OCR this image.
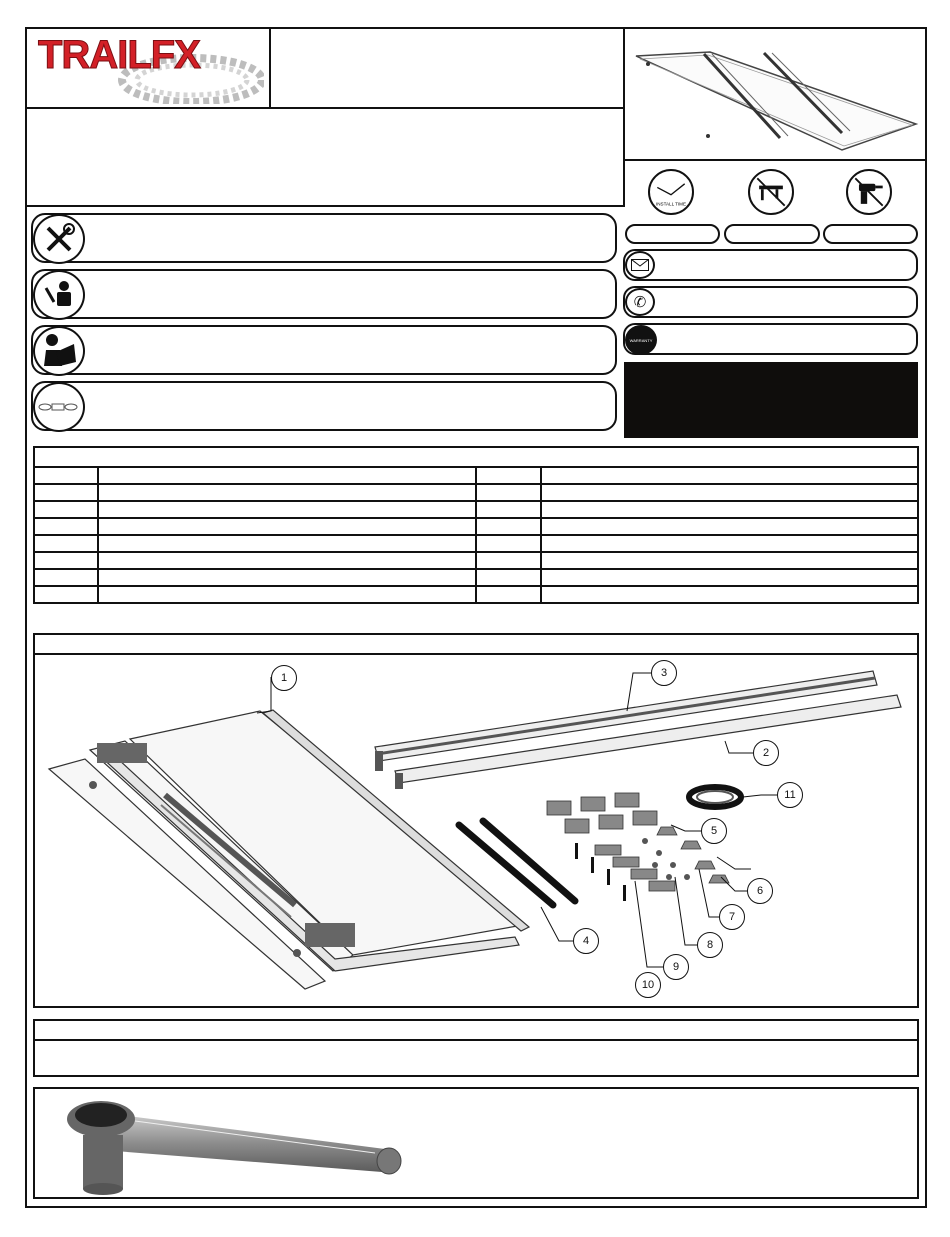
TRAILFX
INSTALL TIME
✆
WARRANTY

1
2
3
4
5
6
7
8
9
10
11
